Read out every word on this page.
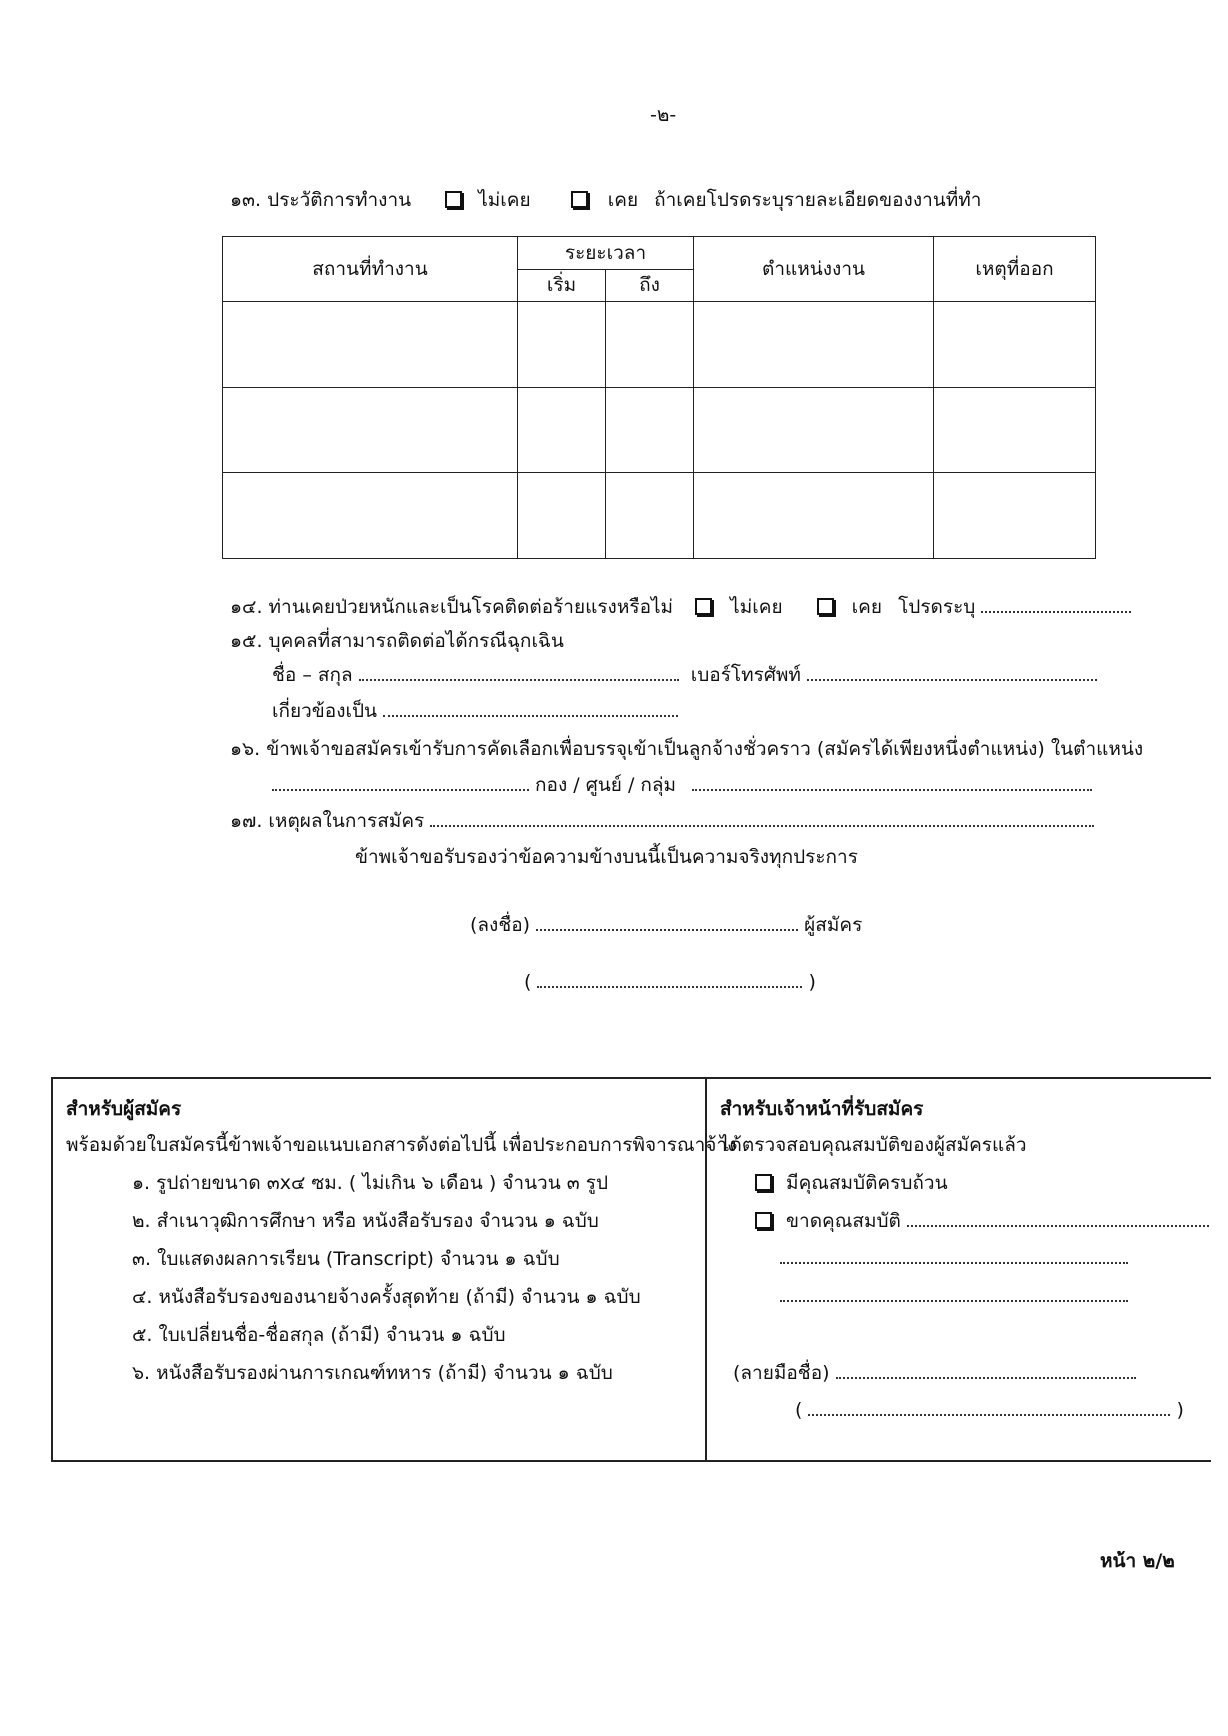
-๒-
๑๓. ประวัติการทำงาน	ไม่เคย	เคย ถ้าเคยโปรดระบุรายละเอียดของงานที่ทำ
สถานที่ทำงาน	ระยะเวลา		ตำแหน่งงาน	เหตุที่ออก
	เริ่ม	ถึง		

๑๔. ท่านเคยป่วยหนักและเป็นโรคติดต่อร้ายแรงหรือไม่	ไม่เคย	เคย โปรดระบุ
๑๕. บุคคลที่สามารถติดต่อได้กรณีฉุกเฉิน
ชื่อ – สกุล	เบอร์โทรศัพท์
เกี่ยวข้องเป็น
๑๖. ข้าพเจ้าขอสมัครเข้ารับการคัดเลือกเพื่อบรรจุเข้าเป็นลูกจ้างชั่วคราว (สมัครได้เพียงหนึ่งตำแหน่ง) ในตำแหน่ง
กอง / ศูนย์ / กลุ่ม
๑๗. เหตุผลในการสมัคร
ข้าพเจ้าขอรับรองว่าข้อความข้างบนนี้เป็นความจริงทุกประการ
(ลงชื่อ)	ผู้สมัคร
(	)
สำหรับผู้สมัคร
พร้อมด้วยใบสมัครนี้ข้าพเจ้าขอแนบเอกสารดังต่อไปนี้ เพื่อประกอบการพิจารณาจ้าง
๑. รูปถ่ายขนาด ๓x๔ ซม. ( ไม่เกิน ๖ เดือน ) จำนวน ๓ รูป
๒. สำเนาวุฒิการศึกษา หรือ หนังสือรับรอง จำนวน ๑ ฉบับ
๓. ใบแสดงผลการเรียน (Transcript) จำนวน ๑ ฉบับ
๔. หนังสือรับรองของนายจ้างครั้งสุดท้าย (ถ้ามี) จำนวน ๑ ฉบับ
๕. ใบเปลี่ยนชื่อ-ชื่อสกุล (ถ้ามี) จำนวน ๑ ฉบับ
๖. หนังสือรับรองผ่านการเกณฑ์ทหาร (ถ้ามี) จำนวน ๑ ฉบับ
สำหรับเจ้าหน้าที่รับสมัคร
ได้ตรวจสอบคุณสมบัติของผู้สมัครแล้ว
มีคุณสมบัติครบถ้วน
ขาดคุณสมบัติ
(ลายมือชื่อ)
(	)
หน้า ๒/๒
